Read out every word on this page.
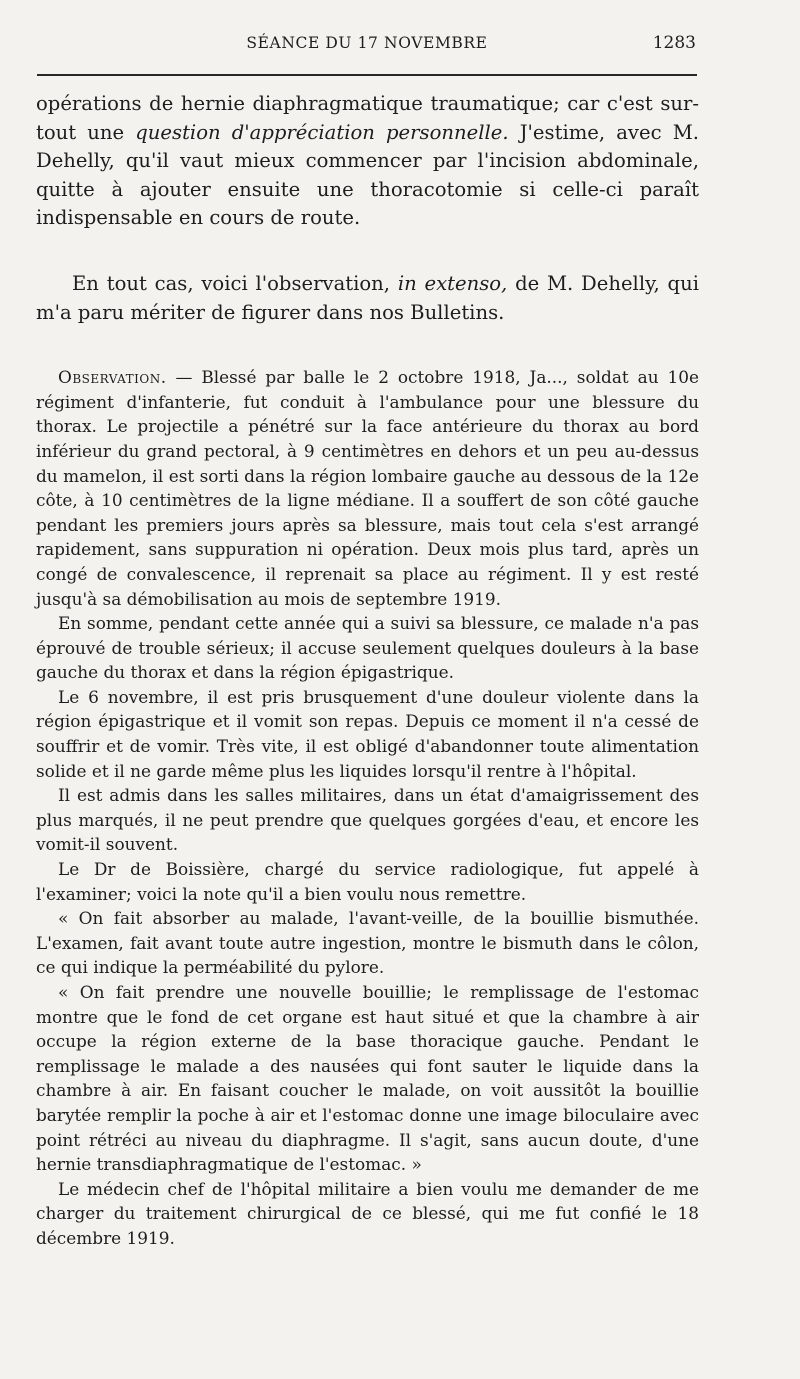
SÉANCE DU 17 NOVEMBRE	1283

opérations de hernie diaphragmatique traumatique; car c'est sur-tout une question d'appréciation personnelle. J'estime, avec M. Dehelly, qu'il vaut mieux commencer par l'incision abdominale, quitte à ajouter ensuite une thoracotomie si celle-ci paraît indispensable en cours de route.

En tout cas, voici l'observation, in extenso, de M. Dehelly, qui m'a paru mériter de figurer dans nos Bulletins.

Observation. — Blessé par balle le 2 octobre 1918, Ja..., soldat au 10e régiment d'infanterie, fut conduit à l'ambulance pour une blessure du thorax. Le projectile a pénétré sur la face antérieure du thorax au bord inférieur du grand pectoral, à 9 centimètres en dehors et un peu au-dessus du mamelon, il est sorti dans la région lombaire gauche au dessous de la 12e côte, à 10 centimètres de la ligne médiane. Il a souffert de son côté gauche pendant les premiers jours après sa blessure, mais tout cela s'est arrangé rapidement, sans suppuration ni opération. Deux mois plus tard, après un congé de convalescence, il reprenait sa place au régiment. Il y est resté jusqu'à sa démobilisation au mois de septembre 1919.

En somme, pendant cette année qui a suivi sa blessure, ce malade n'a pas éprouvé de trouble sérieux; il accuse seulement quelques douleurs à la base gauche du thorax et dans la région épigastrique.

Le 6 novembre, il est pris brusquement d'une douleur violente dans la région épigastrique et il vomit son repas. Depuis ce moment il n'a cessé de souffrir et de vomir. Très vite, il est obligé d'abandonner toute alimentation solide et il ne garde même plus les liquides lorsqu'il rentre à l'hôpital.

Il est admis dans les salles militaires, dans un état d'amaigrissement des plus marqués, il ne peut prendre que quelques gorgées d'eau, et encore les vomit-il souvent.

Le Dr de Boissière, chargé du service radiologique, fut appelé à l'examiner; voici la note qu'il a bien voulu nous remettre.

« On fait absorber au malade, l'avant-veille, de la bouillie bismuthée. L'examen, fait avant toute autre ingestion, montre le bismuth dans le côlon, ce qui indique la perméabilité du pylore.

« On fait prendre une nouvelle bouillie; le remplissage de l'estomac montre que le fond de cet organe est haut situé et que la chambre à air occupe la région externe de la base thoracique gauche. Pendant le remplissage le malade a des nausées qui font sauter le liquide dans la chambre à air. En faisant coucher le malade, on voit aussitôt la bouillie barytée remplir la poche à air et l'estomac donne une image biloculaire avec point rétréci au niveau du diaphragme. Il s'agit, sans aucun doute, d'une hernie transdiaphragmatique de l'estomac. »

Le médecin chef de l'hôpital militaire a bien voulu me demander de me charger du traitement chirurgical de ce blessé, qui me fut confié le 18 décembre 1919.
